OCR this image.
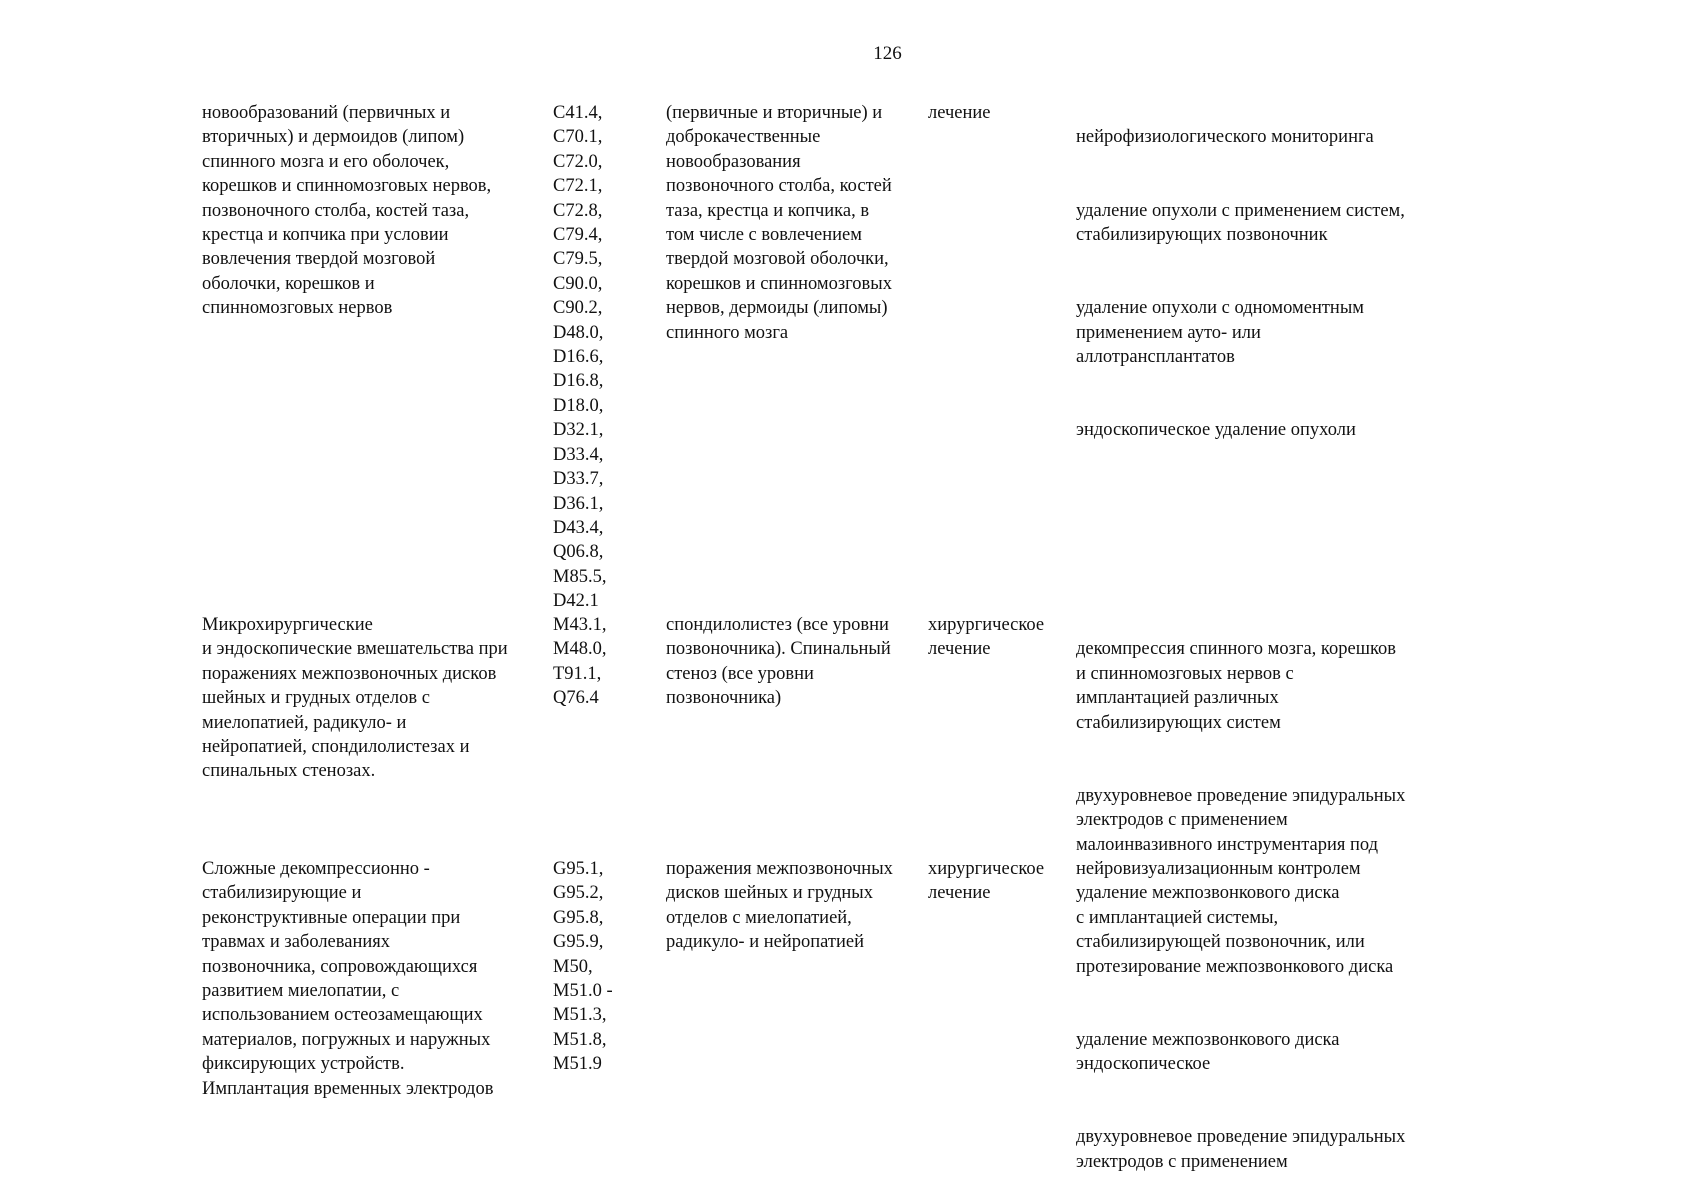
126
новообразований (первичных и
вторичных) и дермоидов (липом)
спинного мозга и его оболочек,
корешков и спинномозговых нервов,
позвоночного столба, костей таза,
крестца и копчика при условии
вовлечения твердой мозговой
оболочки, корешков и
спинномозговых нервов
C41.4,
C70.1,
C72.0,
C72.1,
C72.8,
C79.4,
C79.5,
C90.0,
C90.2,
D48.0,
D16.6,
D16.8,
D18.0,
D32.1,
D33.4,
D33.7,
D36.1,
D43.4,
Q06.8,
M85.5,
D42.1
(первичные и вторичные) и
доброкачественные
новообразования
позвоночного столба, костей
таза, крестца и копчика, в
том числе с вовлечением
твердой мозговой оболочки,
корешков и спинномозговых
нервов, дермоиды (липомы)
спинного мозга
лечение

нейрофизиологического мониторинга

удаление опухоли с применением систем,
стабилизирующих позвоночник

удаление опухоли с одномоментным
применением ауто- или
аллотрансплантатов

эндоскопическое удаление опухоли

Микрохирургические
и эндоскопические вмешательства при
поражениях межпозвоночных дисков
шейных и грудных отделов с
миелопатией, радикуло- и
нейропатией, спондилолистезах и
спинальных стенозах.
M43.1,
M48.0,
T91.1,
Q76.4
спондилолистез (все уровни
позвоночника). Спинальный
стеноз (все уровни
позвоночника)
хирургическое
лечение	декомпрессия спинного мозга, корешков
и спинномозговых нервов с
имплантацией различных
стабилизирующих систем

двухуровневое проведение эпидуральных
электродов с применением
малоинвазивного инструментария под
нейровизуализационным контролем

Сложные декомпрессионно -
стабилизирующие и
реконструктивные операции при
травмах и заболеваниях
позвоночника, сопровождающихся
развитием миелопатии, с
использованием остеозамещающих
материалов, погружных и наружных
фиксирующих устройств.
Имплантация временных электродов
G95.1,
G95.2,
G95.8,
G95.9,
M50,
M51.0 -
M51.3,
M51.8,
M51.9
поражения межпозвоночных
дисков шейных и грудных
отделов с миелопатией,
радикуло- и нейропатией
хирургическое
лечение	удаление межпозвонкового диска
с имплантацией системы,
стабилизирующей позвоночник, или
протезирование межпозвонкового диска

удаление межпозвонкового диска
эндоскопическое

двухуровневое проведение эпидуральных
электродов с применением
